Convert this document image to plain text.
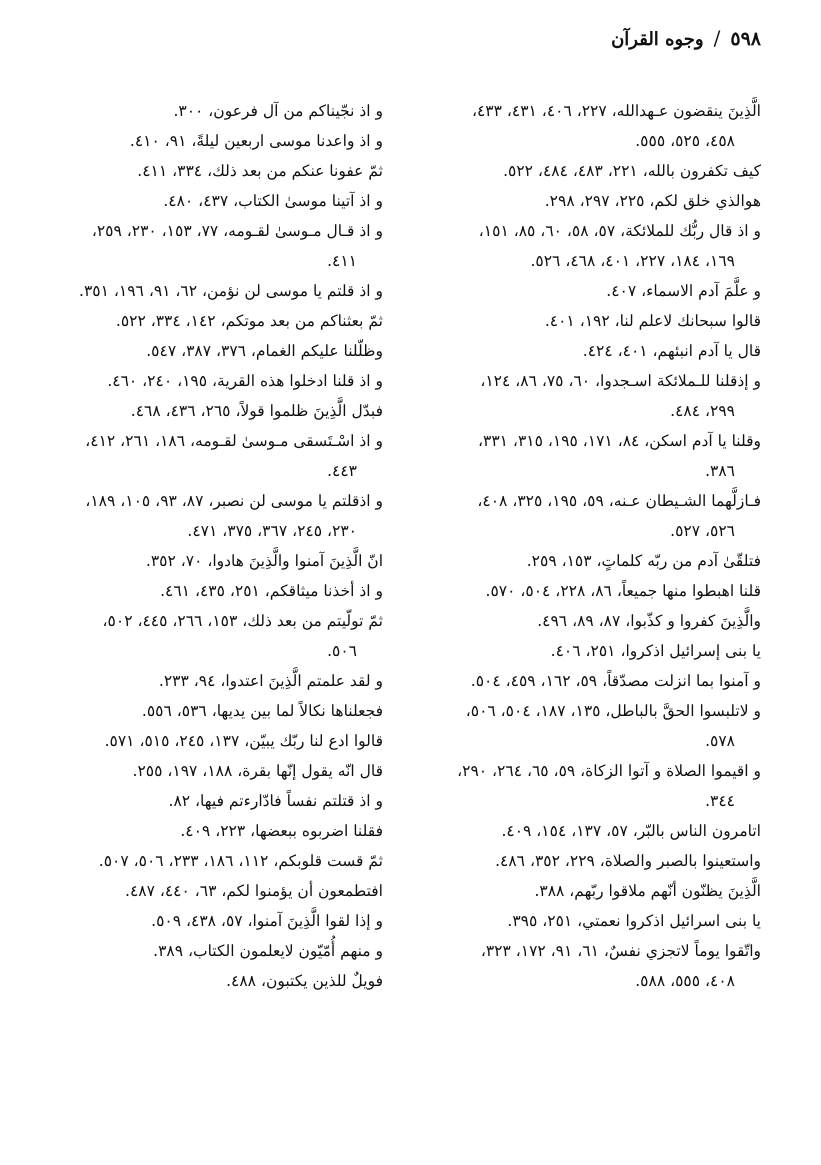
٥٩٨
/
وجوه القرآن
الَّذِينَ ينقضون عـهدالله، ٢٢٧، ٤٠٦، ٤٣١، ٤٣٣،
٤٥٨، ٥٢٥، ٥٥٥.
كيف تكفرون بالله، ٢٢١، ٤٨٣، ٤٨٤، ٥٢٢.
هوالذي خلق لكم، ٢٢٥، ٢٩٧، ٢٩٨.
و اذ قال ربُّك للملائكة، ٥٧، ٥٨، ٦٠، ٨٥، ١٥١،
١٦٩، ١٨٤، ٢٢٧، ٤٠١، ٤٦٨، ٥٢٦.
و علَّمَ آدم الاسماء، ٤٠٧.
قالوا سبحانك لاعلم لنا، ١٩٢، ٤٠١.
قال يا آدم انبئهم، ٤٠١، ٤٢٤.
و إذقلنا للـملائكة اسـجدوا، ٦٠، ٧٥، ٨٦، ١٢٤،
٢٩٩، ٤٨٤.
وقلنا يا آدم اسكن، ٨٤، ١٧١، ١٩٥، ٣١٥، ٣٣١،
٣٨٦.
فـازلَّهما الشـيطان عـنه، ٥٩، ١٩٥، ٣٢٥، ٤٠٨،
٥٢٦، ٥٢٧.
فتلقّىٰ آدم من ربّه كلماتٍ، ١٥٣، ٢٥٩.
قلنا اهبطوا منها جميعاً، ٨٦، ٢٢٨، ٥٠٤، ٥٧٠.
والَّذِينَ كفروا و كذّبوا، ٨٧، ٨٩، ٤٩٦.
يا بنى إسرائيل اذكروا، ٢٥١، ٤٠٦.
و آمنوا بما انزلت مصدّقاً، ٥٩، ١٦٢، ٤٥٩، ٥٠٤.
و لاتلبسوا الحقَّ بالباطل، ١٣٥، ١٨٧، ٥٠٤، ٥٠٦،
٥٧٨.
و اقيموا الصلاة و آتوا الزكاة، ٥٩، ٦٥، ٢٦٤، ٢٩٠،
٣٤٤.
اتامرون الناس بالبّر، ٥٧، ١٣٧، ١٥٤، ٤٠٩.
واستعينوا بالصبر والصلاة، ٢٢٩، ٣٥٢، ٤٨٦.
الَّذِينَ يظنّون أنّهم ملاقوا ربّهم، ٣٨٨.
يا بنى اسرائيل اذكروا نعمتي، ٢٥١، ٣٩٥.
واتّقوا يوماً لاتجزي نفسٌ، ٦١، ٩١، ١٧٢، ٣٢٣،
٤٠٨، ٥٥٥، ٥٨٨.
و اذ نجّيناكم من آل فرعون، ٣٠٠.
و اذ واعدنا موسى اربعين ليلةً، ٩١، ٤١٠.
ثمّ عفونا عنكم من بعد ذلك، ٣٣٤، ٤١١.
و اذ آتينا موسىٰ الكتاب، ٤٣٧، ٤٨٠.
و اذ قـال مـوسىٰ لقـومه، ٧٧، ١٥٣، ٢٣٠، ٢٥٩،
٤١١.
و اذ قلتم يا موسى لن نؤمن، ٦٢، ٩١، ١٩٦، ٣٥١.
ثمّ بعثناكم من بعد موتكم، ١٤٢، ٣٣٤، ٥٢٢.
وظلّلنا عليكم الغمام، ٣٧٦، ٣٨٧، ٥٤٧.
و اذ قلنا ادخلوا هذه القرية، ١٩٥، ٢٤٠، ٤٦٠.
فبدّل الَّذِينَ ظلموا قولاً، ٢٦٥، ٤٣٦، ٤٦٨.
و اذ اسْـتَسقى مـوسىٰ لقـومه، ١٨٦، ٢٦١، ٤١٢،
٤٤٣.
و اذقلتم يا موسى لن نصبر، ٨٧، ٩٣، ١٠٥، ١٨٩،
٢٣٠، ٢٤٥، ٣٦٧، ٣٧٥، ٤٧١.
انّ الَّذِينَ آمنوا والَّذِينَ هادوا، ٧٠، ٣٥٢.
و اذ أخذنا ميثاقكم، ٢٥١، ٤٣٥، ٤٦١.
ثمّ تولّيتم من بعد ذلك، ١٥٣، ٢٦٦، ٤٤٥، ٥٠٢،
٥٠٦.
و لقد علمتم الَّذِينَ اعتدوا، ٩٤، ٢٣٣.
فجعلناها نكالاً لما بين يديها، ٥٣٦، ٥٥٦.
قالوا ادع لنا ربّك يبيّن، ١٣٧، ٢٤٥، ٥١٥، ٥٧١.
قال انّه يقول إنّها بقرة، ١٨٨، ١٩٧، ٢٥٥.
و اذ قتلتم نفساً فادّارءتم فيها، ٨٢.
فقلنا اضربوه ببعضها، ٢٢٣، ٤٠٩.
ثمّ قست قلوبكم، ١١٢، ١٨٦، ٢٣٣، ٥٠٦، ٥٠٧.
افتطمعون أن يؤمنوا لكم، ٦٣، ٤٤٠، ٤٨٧.
و إذا لقوا الَّذِينَ آمنوا، ٥٧، ٤٣٨، ٥٠٩.
و منهم أُمّيّون لايعلمون الكتاب، ٣٨٩.
فويلٌ للذين يكتبون، ٤٨٨.
